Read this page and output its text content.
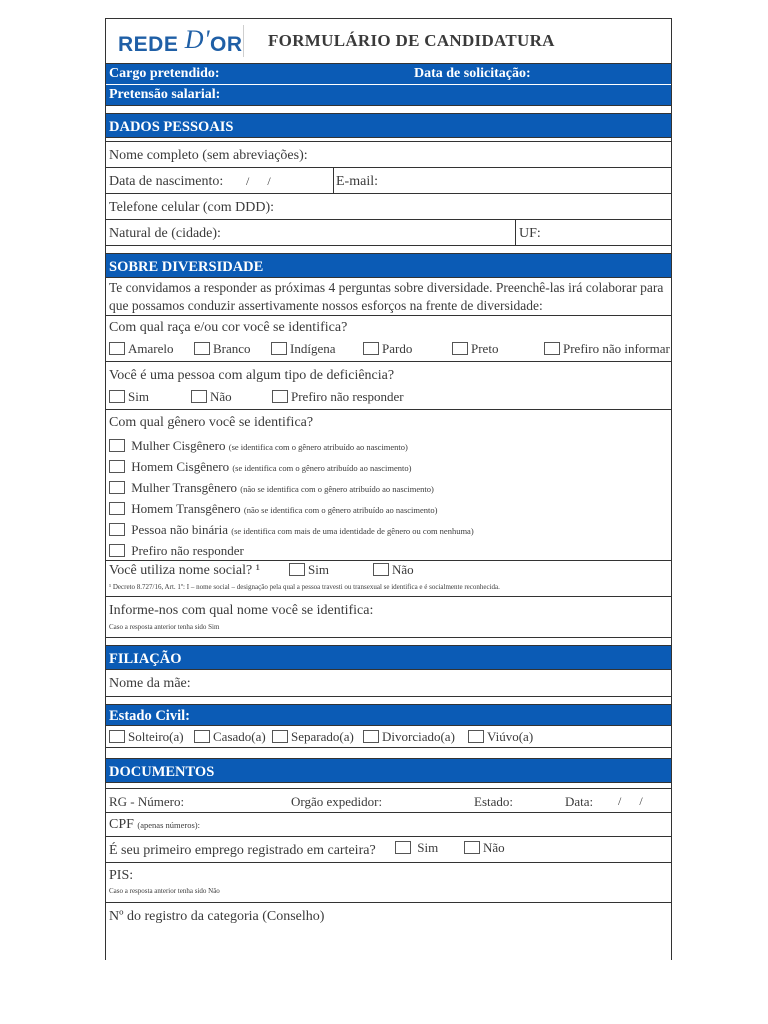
REDE D'OR FORMULÁRIO DE CANDIDATURA
Cargo pretendido:	Data de solicitação:
Pretensão salarial:
DADOS PESSOAIS
Nome completo (sem abreviações):
Data de nascimento: /      /	E-mail:
Telefone celular (com DDD):
Natural de (cidade):	UF:
SOBRE DIVERSIDADE
Te convidamos a responder as próximas 4 perguntas sobre diversidade. Preenchê-las irá colaborar para que possamos conduzir assertivamente nossos esforços na frente de diversidade:
Com qual raça e/ou cor você se identifica?
Amarelo	Branco	Indígena	Pardo	Preto	Prefiro não informar
Você é uma pessoa com algum tipo de deficiência?
Sim	Não	Prefiro não responder
Com qual gênero você se identifica?
Mulher Cisgênero (se identifica com o gênero atribuído ao nascimento)
Homem Cisgênero (se identifica com o gênero atribuído ao nascimento)
Mulher Transgênero (não se identifica com o gênero atribuído ao nascimento)
Homem Transgênero (não se identifica com o gênero atribuído ao nascimento)
Pessoa não binária (se identifica com mais de uma identidade de gênero ou com nenhuma)
Prefiro não responder
Você utiliza nome social? ¹	Sim	Não
¹ Decreto 8.727/16, Art. 1º: I – nome social – designação pela qual a pessoa travesti ou transexual se identifica e é socialmente reconhecida.
Informe-nos com qual nome você se identifica:
Caso a resposta anterior tenha sido Sim
FILIAÇÃO
Nome da mãe:
Estado Civil:
Solteiro(a)	Casado(a)	Separado(a)	Divorciado(a)	Viúvo(a)
DOCUMENTOS
RG - Número:	Orgão expedidor:	Estado:	Data: /      /
CPF (apenas números):
É seu primeiro emprego registrado em carteira?	Sim	Não
PIS:
Caso a resposta anterior tenha sido Não
Nº do registro da categoria (Conselho)
